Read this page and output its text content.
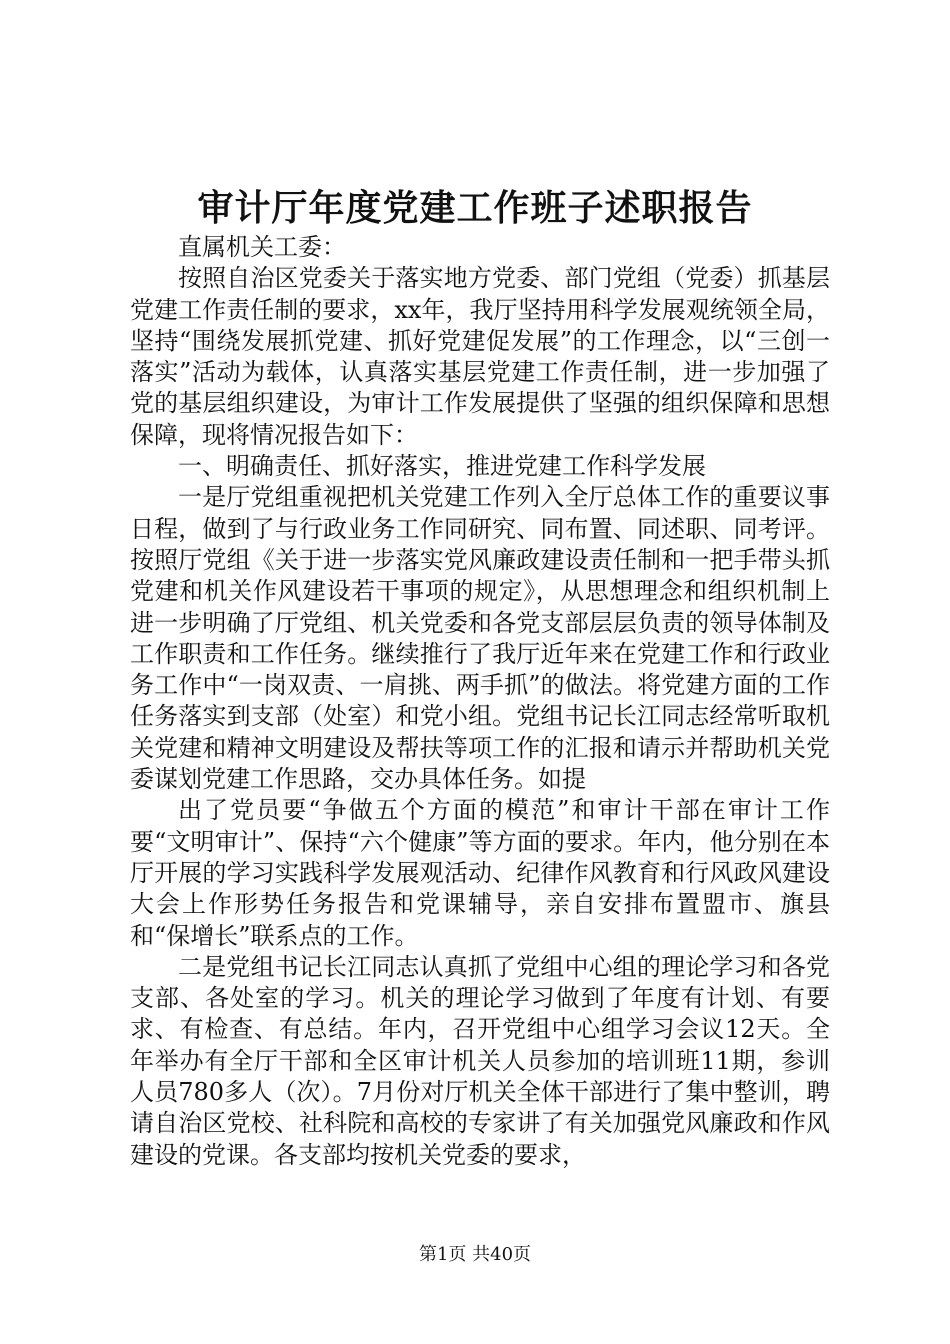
审计厅年度党建工作班子述职报告

直属机关工委：

按照自治区党委关于落实地方党委、部门党组（党委）抓基层党建工作责任制的要求，xx年，我厅坚持用科学发展观统领全局，坚持“围绕发展抓党建、抓好党建促发展”的工作理念，以“三创一落实”活动为载体，认真落实基层党建工作责任制，进一步加强了党的基层组织建设，为审计工作发展提供了坚强的组织保障和思想保障，现将情况报告如下：

一、明确责任、抓好落实，推进党建工作科学发展

一是厅党组重视把机关党建工作列入全厅总体工作的重要议事日程，做到了与行政业务工作同研究、同布置、同述职、同考评。按照厅党组《关于进一步落实党风廉政建设责任制和一把手带头抓党建和机关作风建设若干事项的规定》，从思想理念和组织机制上进一步明确了厅党组、机关党委和各党支部层层负责的领导体制及工作职责和工作任务。继续推行了我厅近年来在党建工作和行政业务工作中“一岗双责、一肩挑、两手抓”的做法。将党建方面的工作任务落实到支部（处室）和党小组。党组书记长江同志经常听取机关党建和精神文明建设及帮扶等项工作的汇报和请示并帮助机关党委谋划党建工作思路，交办具体任务。如提

出了党员要“争做五个方面的模范”和审计干部在审计工作要“文明审计”、保持“六个健康”等方面的要求。年内，他分别在本厅开展的学习实践科学发展观活动、纪律作风教育和行风政风建设大会上作形势任务报告和党课辅导，亲自安排布置盟市、旗县和“保增长”联系点的工作。

二是党组书记长江同志认真抓了党组中心组的理论学习和各党支部、各处室的学习。机关的理论学习做到了年度有计划、有要求、有检查、有总结。年内，召开党组中心组学习会议12天。全年举办有全厅干部和全区审计机关人员参加的培训班11期，参训人员780多人（次）。7月份对厅机关全体干部进行了集中整训，聘请自治区党校、社科院和高校的专家讲了有关加强党风廉政和作风建设的党课。各支部均按机关党委的要求，

第1页 共40页
